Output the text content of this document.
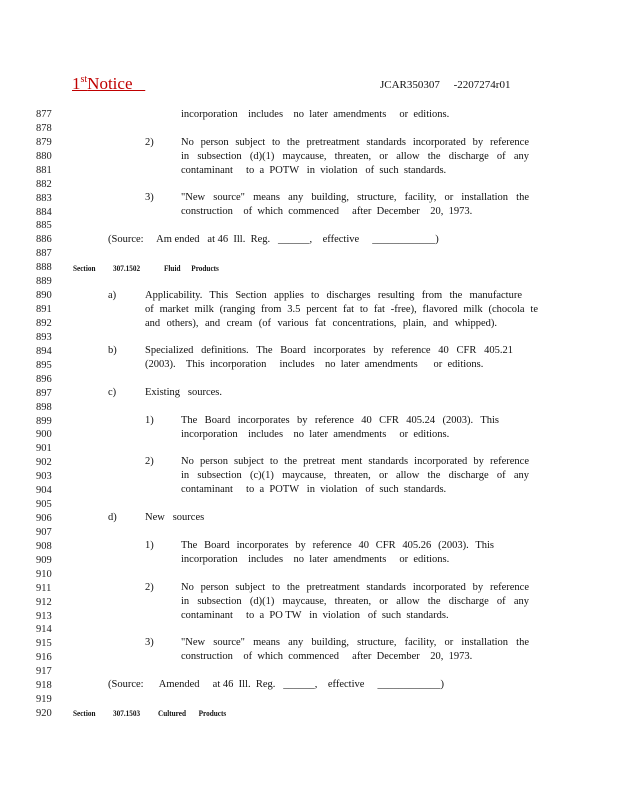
1stNotice	JCAR350307     -2207274r01
877
878
879
880
881
882
883
884
885
886
887
888
889
890
891
892
893
894
895
896
897
898
899
900
901
902
903
904
905
906
907
908
909
910
911
912
913
914
915
916
917
918
919
920
incorporation    includes    no  later  amendments     or  editions.
2)	No person subject to the pretreatment standards incorporated by reference
in subsection (d)(1) maycause, threaten, or allow the discharge of any
contaminant     to  a  POTW   in  violation   of  such  standards.
3)	"New source" means any building, structure, facility, or installation the
construction    of  which  commenced     after  December    20,  1973.
(Source:     Am ended   at 46  Ill.  Reg.   ______,    effective     ____________)
Section 307.1502	Fluid      Products
a)	Applicability. This Section applies to discharges resulting from the manufacture
of market milk (ranging from 3.5 percent fat to fat -free), flavored milk (chocola te
and others), and cream (of various fat concentrations, plain, and whipped).
b)	Specialized definitions. The Board incorporates by reference 40 CFR 405.21
(2003).    This  incorporation     includes    no  later  amendments      or  editions.
c)	Existing   sources.
1)	The Board incorporates by reference 40 CFR 405.24 (2003). This
incorporation    includes    no  later  amendments     or  editions.
2)	No person subject to the pretreat ment standards incorporated by reference
in subsection (c)(1) maycause, threaten, or allow the discharge of any
contaminant     to  a  POTW   in  violation   of  such  standards.
d)	New   sources
1)	The Board incorporates by reference 40 CFR 405.26 (2003). This
incorporation    includes    no  later  amendments     or  editions.
2)	No person subject to the pretreatment standards incorporated by reference
in subsection (d)(1) maycause, threaten, or allow the discharge of any
contaminant     to  a  PO TW   in  violation   of  such  standards.
3)	"New source" means any building, structure, facility, or installation the
construction    of  which  commenced     after  December    20,  1973.
(Source:      Amended     at 46  Ill.  Reg.   ______,    effective     ____________)
Section 307.1503 Cultured       Products
